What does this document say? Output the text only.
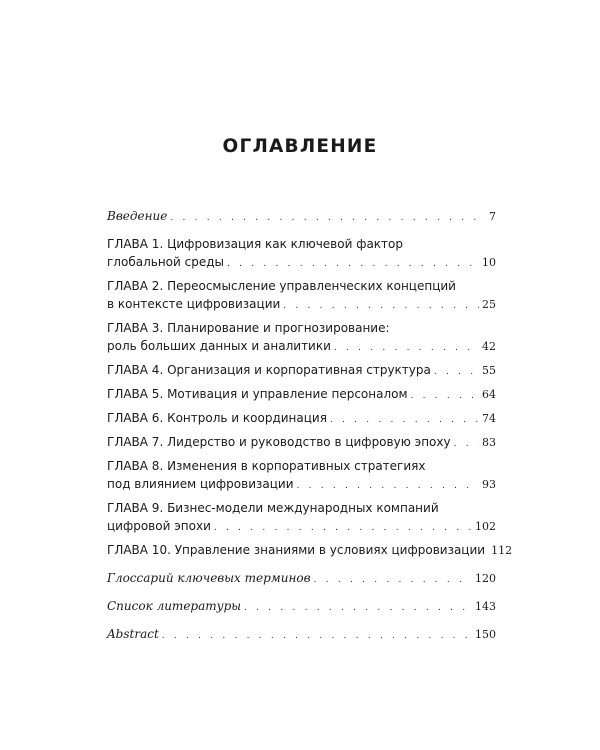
ОГЛАВЛЕНИЕ
Введение . . .	7
ГЛАВА 1. Цифровизация как ключевой фактор
глобальной среды . . .	10
ГЛАВА 2. Переосмысление управленческих концепций
в контексте цифровизации . . .	25
ГЛАВА 3. Планирование и прогнозирование:
роль больших данных и аналитики . . .	42
ГЛАВА 4. Организация и корпоративная структура . . .	55
ГЛАВА 5. Мотивация и управление персоналом . . .	64
ГЛАВА 6. Контроль и координация . . .	74
ГЛАВА 7. Лидерство и руководство в цифровую эпоху . . .	83
ГЛАВА 8. Изменения в корпоративных стратегиях
под влиянием цифровизации . . .	93
ГЛАВА 9. Бизнес-модели международных компаний
цифровой эпохи . . .	102
ГЛАВА 10. Управление знаниями в условиях цифровизации 112
Глоссарий ключевых терминов . . .	120
Список литературы . . .	143
Abstract . . .	150
